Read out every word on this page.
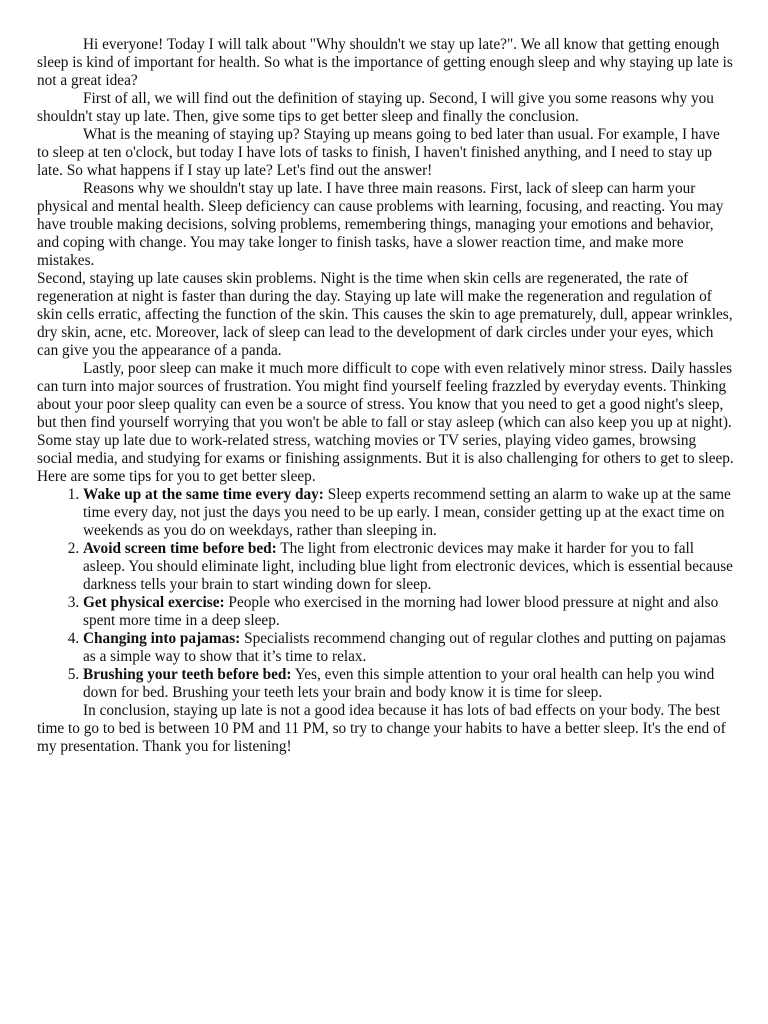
Hi everyone! Today I will talk about "Why shouldn't we stay up late?". We all know that getting enough sleep is kind of important for health. So what is the importance of getting enough sleep and why staying up late is not a great idea?

First of all, we will find out the definition of staying up. Second, I will give you some reasons why you shouldn't stay up late. Then, give some tips to get better sleep and finally the conclusion.

What is the meaning of staying up? Staying up means going to bed later than usual. For example, I have to sleep at ten o'clock, but today I have lots of tasks to finish, I haven't finished anything, and I need to stay up late. So what happens if I stay up late? Let's find out the answer!

Reasons why we shouldn't stay up late. I have three main reasons. First, lack of sleep can harm your physical and mental health. Sleep deficiency can cause problems with learning, focusing, and reacting. You may have trouble making decisions, solving problems, remembering things, managing your emotions and behavior, and coping with change. You may take longer to finish tasks, have a slower reaction time, and make more mistakes.

Second, staying up late causes skin problems. Night is the time when skin cells are regenerated, the rate of regeneration at night is faster than during the day. Staying up late will make the regeneration and regulation of skin cells erratic, affecting the function of the skin. This causes the skin to age prematurely, dull, appear wrinkles, dry skin, acne, etc. Moreover, lack of sleep can lead to the development of dark circles under your eyes, which can give you the appearance of a panda.

Lastly, poor sleep can make it much more difficult to cope with even relatively minor stress. Daily hassles can turn into major sources of frustration. You might find yourself feeling frazzled by everyday events. Thinking about your poor sleep quality can even be a source of stress. You know that you need to get a good night's sleep, but then find yourself worrying that you won't be able to fall or stay asleep (which can also keep you up at night).

Some stay up late due to work-related stress, watching movies or TV series, playing video games, browsing social media, and studying for exams or finishing assignments. But it is also challenging for others to get to sleep. Here are some tips for you to get better sleep.

1. Wake up at the same time every day: Sleep experts recommend setting an alarm to wake up at the same time every day, not just the days you need to be up early. I mean, consider getting up at the exact time on weekends as you do on weekdays, rather than sleeping in.
2. Avoid screen time before bed: The light from electronic devices may make it harder for you to fall asleep. You should eliminate light, including blue light from electronic devices, which is essential because darkness tells your brain to start winding down for sleep.
3. Get physical exercise: People who exercised in the morning had lower blood pressure at night and also spent more time in a deep sleep.
4. Changing into pajamas: Specialists recommend changing out of regular clothes and putting on pajamas as a simple way to show that it’s time to relax.
5. Brushing your teeth before bed: Yes, even this simple attention to your oral health can help you wind down for bed. Brushing your teeth lets your brain and body know it is time for sleep.

In conclusion, staying up late is not a good idea because it has lots of bad effects on your body. The best time to go to bed is between 10 PM and 11 PM, so try to change your habits to have a better sleep. It's the end of my presentation. Thank you for listening!
